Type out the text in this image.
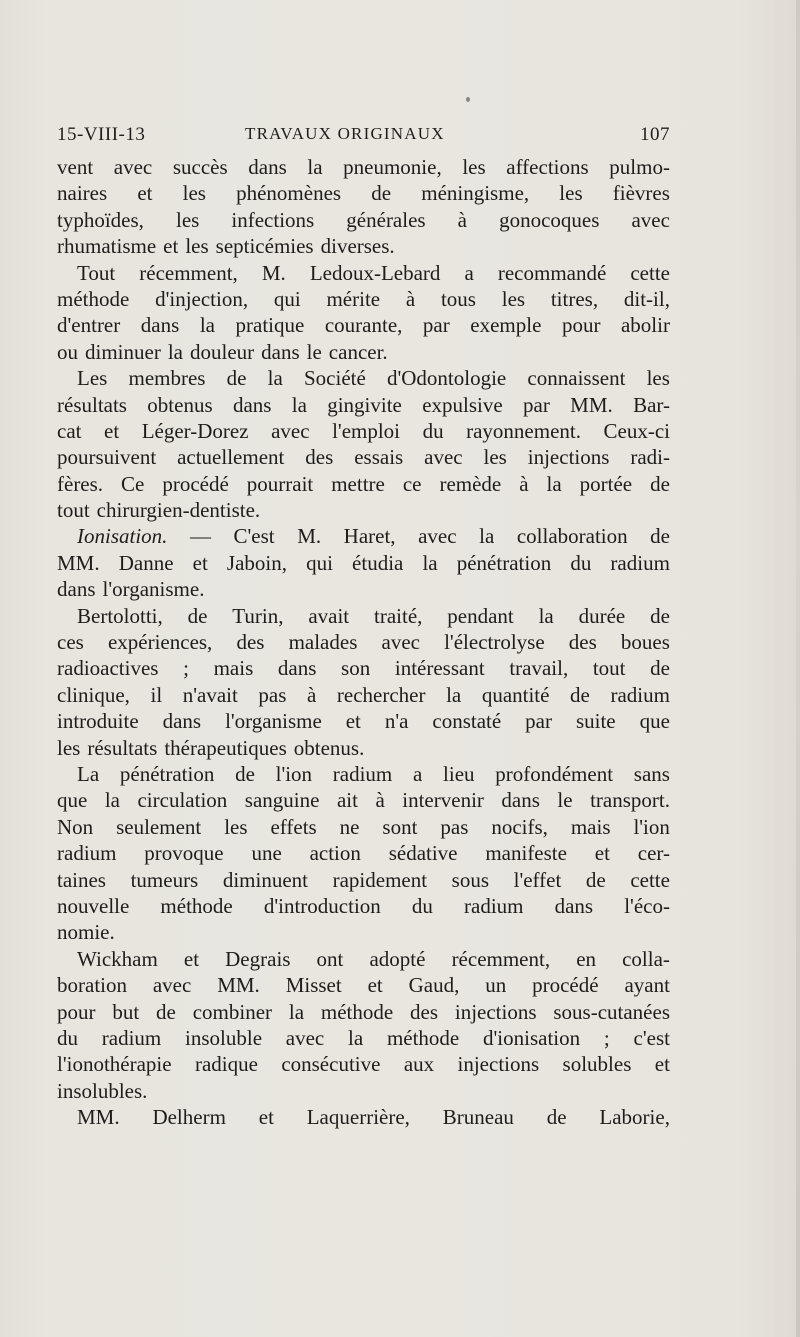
15-VIII-13	TRAVAUX ORIGINAUX	107
vent avec succès dans la pneumonie, les affections pulmo-
naires et les phénomènes de méningisme, les fièvres
typhoïdes, les infections générales à gonocoques avec
rhumatisme et les septicémies diverses.
Tout récemment, M. Ledoux-Lebard a recommandé cette
méthode d'injection, qui mérite à tous les titres, dit-il,
d'entrer dans la pratique courante, par exemple pour abolir
ou diminuer la douleur dans le cancer.
Les membres de la Société d'Odontologie connaissent les
résultats obtenus dans la gingivite expulsive par MM. Bar-
cat et Léger-Dorez avec l'emploi du rayonnement. Ceux-ci
poursuivent actuellement des essais avec les injections radi-
fères. Ce procédé pourrait mettre ce remède à la portée de
tout chirurgien-dentiste.
Ionisation. — C'est M. Haret, avec la collaboration de
MM. Danne et Jaboin, qui étudia la pénétration du radium
dans l'organisme.
Bertolotti, de Turin, avait traité, pendant la durée de
ces expériences, des malades avec l'électrolyse des boues
radioactives ; mais dans son intéressant travail, tout de
clinique, il n'avait pas à rechercher la quantité de radium
introduite dans l'organisme et n'a constaté par suite que
les résultats thérapeutiques obtenus.
La pénétration de l'ion radium a lieu profondément sans
que la circulation sanguine ait à intervenir dans le transport.
Non seulement les effets ne sont pas nocifs, mais l'ion
radium provoque une action sédative manifeste et cer-
taines tumeurs diminuent rapidement sous l'effet de cette
nouvelle méthode d'introduction du radium dans l'éco-
nomie.
Wickham et Degrais ont adopté récemment, en colla-
boration avec MM. Misset et Gaud, un procédé ayant
pour but de combiner la méthode des injections sous-cutanées
du radium insoluble avec la méthode d'ionisation ; c'est
l'ionothérapie radique consécutive aux injections solubles et
insolubles.
MM. Delherm et Laquerrière, Bruneau de Laborie,
